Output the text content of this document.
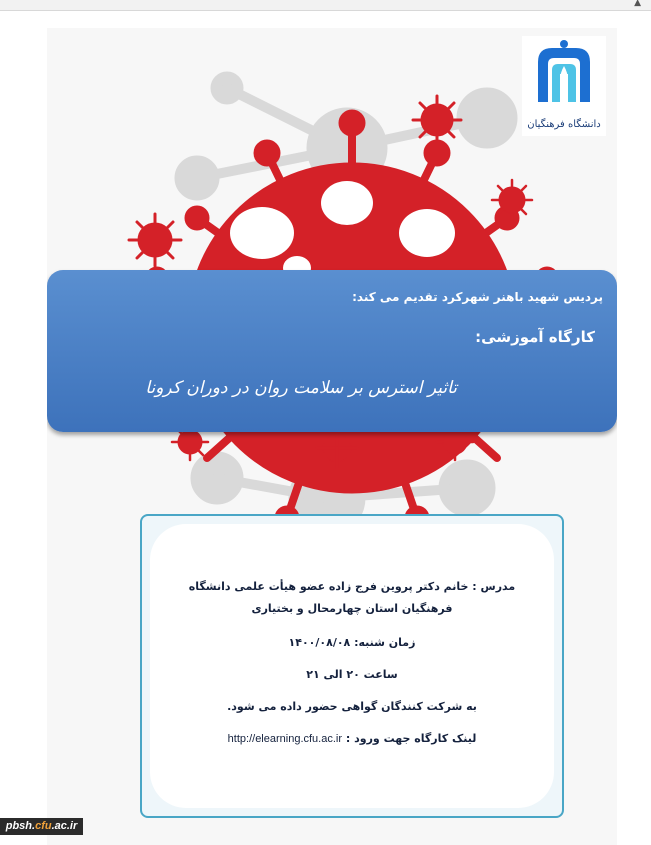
▲
دانشگاه فرهنگیان
پردیس شهید باهنر شهرکرد تقدیم می کند:
کارگاه آموزشی:
تاثیر استرس بر سلامت روان در دوران کرونا

مدرس : خانم دکتر پروین فرج زاده عضو هیأت علمی دانشگاه فرهنگیان استان چهارمحال و بختیاری

زمان شنبه: ۱۴۰۰/۰۸/۰۸

ساعت ۲۰ الی ۲۱

به شرکت کنندگان گواهی حضور داده می شود.

لینک کارگاه جهت ورود : http://elearning.cfu.ac.ir

pbsh.cfu.ac.ir
